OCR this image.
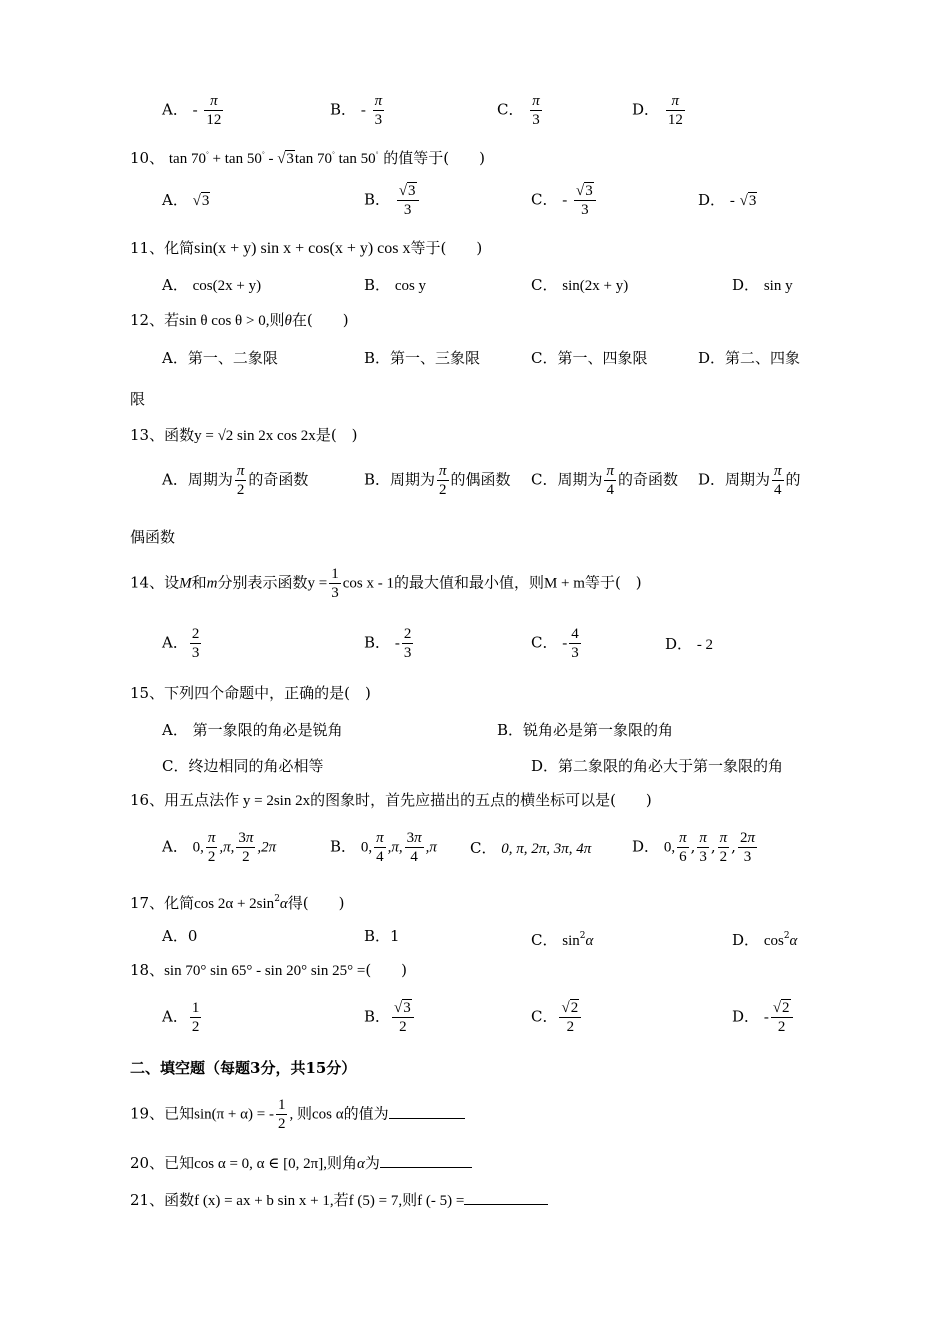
A． - $\frac{\pi}{12}$	B． - $\frac{\pi}{3}$	C． $\frac{\pi}{3}$	D． $\frac{\pi}{12}$
10、 tan 70◦ + tan 50◦ - √3tan 70◦ tan 50◦ 的值等于(　　)
A． √3	B． $\frac{√3}{3}$	C． - $\frac{√3}{3}$	D． - √3
11、化简sin(x + y) sin x + cos(x + y) cos x等于(　　)
A． cos(2x + y)	B． cos y	C． sin(2x + y)	D． sin y
12、若sin θ cos θ > 0,则θ在(　　)
A．第一、二象限	B．第一、三象限	C．第一、四象限	D．第二、四象
限
13、函数y = √2 sin 2x cos 2x是(　)
A．周期为 $\frac{\pi}{2}$ 的奇函数	B．周期为 $\frac{\pi}{2}$ 的偶函数 C．周期为 $\frac{\pi}{4}$ 的奇函数 D．周期为 $\frac{\pi}{4}$ 的
偶函数
14、设M和m分别表示函数$y = \frac{1}{3}$ cos x - 1的最大值和最小值，则M + m等于(　)
A． $\frac{2}{3}$	B． - $\frac{2}{3}$	C． - $\frac{4}{3}$	D． - 2
15、下列四个命题中，正确的是(　)
A． 第一象限的角必是锐角	B．锐角必是第一象限的角
C．终边相同的角必相等	D．第二象限的角必大于第一象限的角
16、用五点法作 y = 2sin 2x的图象时，首先应描出的五点的横坐标可以是(　　)
A． 0, $\frac{\pi}{2} ,\pi$, $\frac{3\pi}{2} ,2\pi$	B． 0, $\frac{\pi}{4} ,\pi$, $\frac{3\pi}{4} ,\pi$ C． 0, π, 2π, 3π, 4π	D． 0, $\frac{\pi}{6}$ , $\frac{\pi}{3}$ , $\frac{\pi}{2}$ , $\frac{2\pi}{3}$
17、化简$\cos 2\alpha + 2\sin^2\alpha$得(　　)
A．0	B．1	C． $\sin^2\alpha$	D． $\cos^2\alpha$
18、sin 70° sin 65° - sin 20° sin 25° =(　　)
A． $\frac{1}{2}$	B． $\frac{√3}{2}$	C． $\frac{√2}{2}$	D． - $\frac{√2}{2}$
二、填空题（每题3分，共15分）
19、已知sin(π + α) = - $\frac{1}{2}$ , 则cos α的值为
20、已知cos α = 0, α ∈ [0, 2π],则角α为
21、函数f (x) = ax + b sin x + 1,若f (5) = 7,则f (- 5) =
